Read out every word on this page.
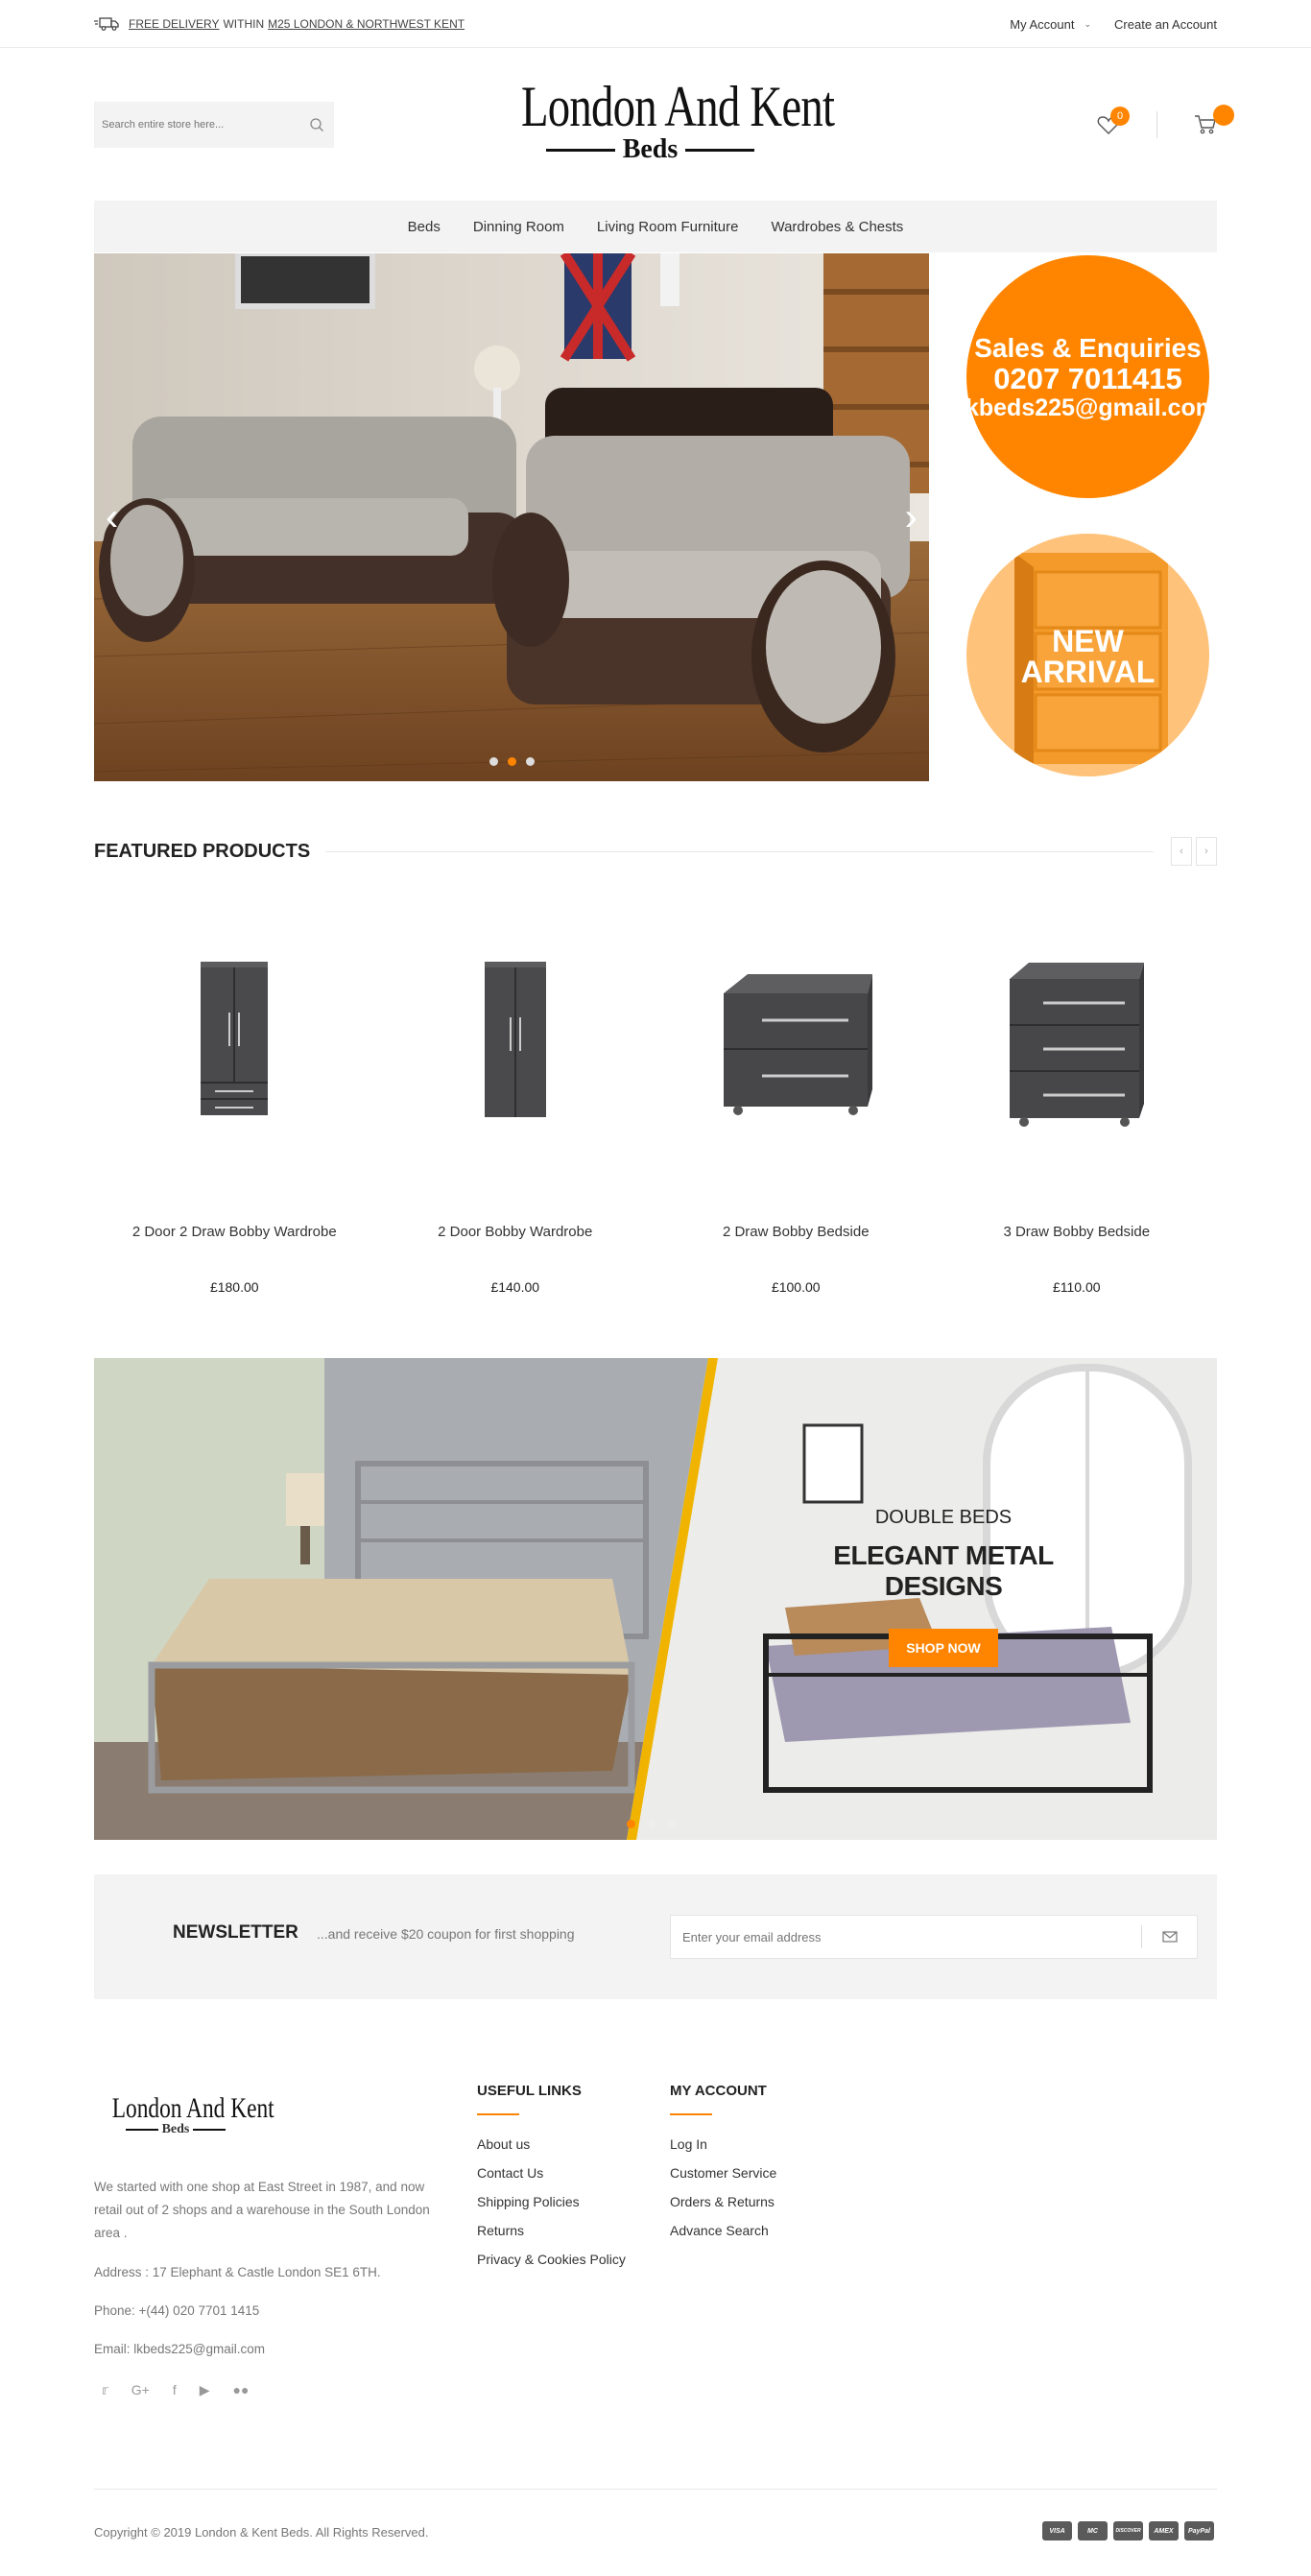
FREE DELIVERY WITHIN M25 LONDON & NORTHWEST KENT	My Account ⌄ Create an Account
Search entire store here...
London And Kent
Beds
0
Beds Dinning Room Living Room Furniture Wardrobes & Chests
‹	›
Sales & Enquiries
0207 7011415
lkbeds225@gmail.com
NEW
ARRIVAL
FEATURED PRODUCTS	‹	›
2 Door 2 Draw Bobby Wardrobe
£180.00
2 Door Bobby Wardrobe
£140.00
2 Draw Bobby Bedside
£100.00
3 Draw Bobby Bedside
£110.00
DOUBLE BEDS
ELEGANT METAL DESIGNS
SHOP NOW
NEWSLETTER ...and receive $20 coupon for first shopping
Enter your email address
London And Kent
Beds
We started with one shop at East Street in 1987, and now retail out of 2 shops and a warehouse in the South London area .
Address : 17 Elephant & Castle London SE1 6TH.
Phone: +(44) 020 7701 1415
Email: lkbeds225@gmail.com
𝕣 G+ f ▶ ●●
USEFUL LINKS
About us
Contact Us
Shipping Policies
Returns
Privacy & Cookies Policy
MY ACCOUNT
Log In
Customer Service
Orders & Returns
Advance Search
Copyright © 2019 London & Kent Beds. All Rights Reserved.	VISA	MC	DISCOVER	AMEX	PayPal
